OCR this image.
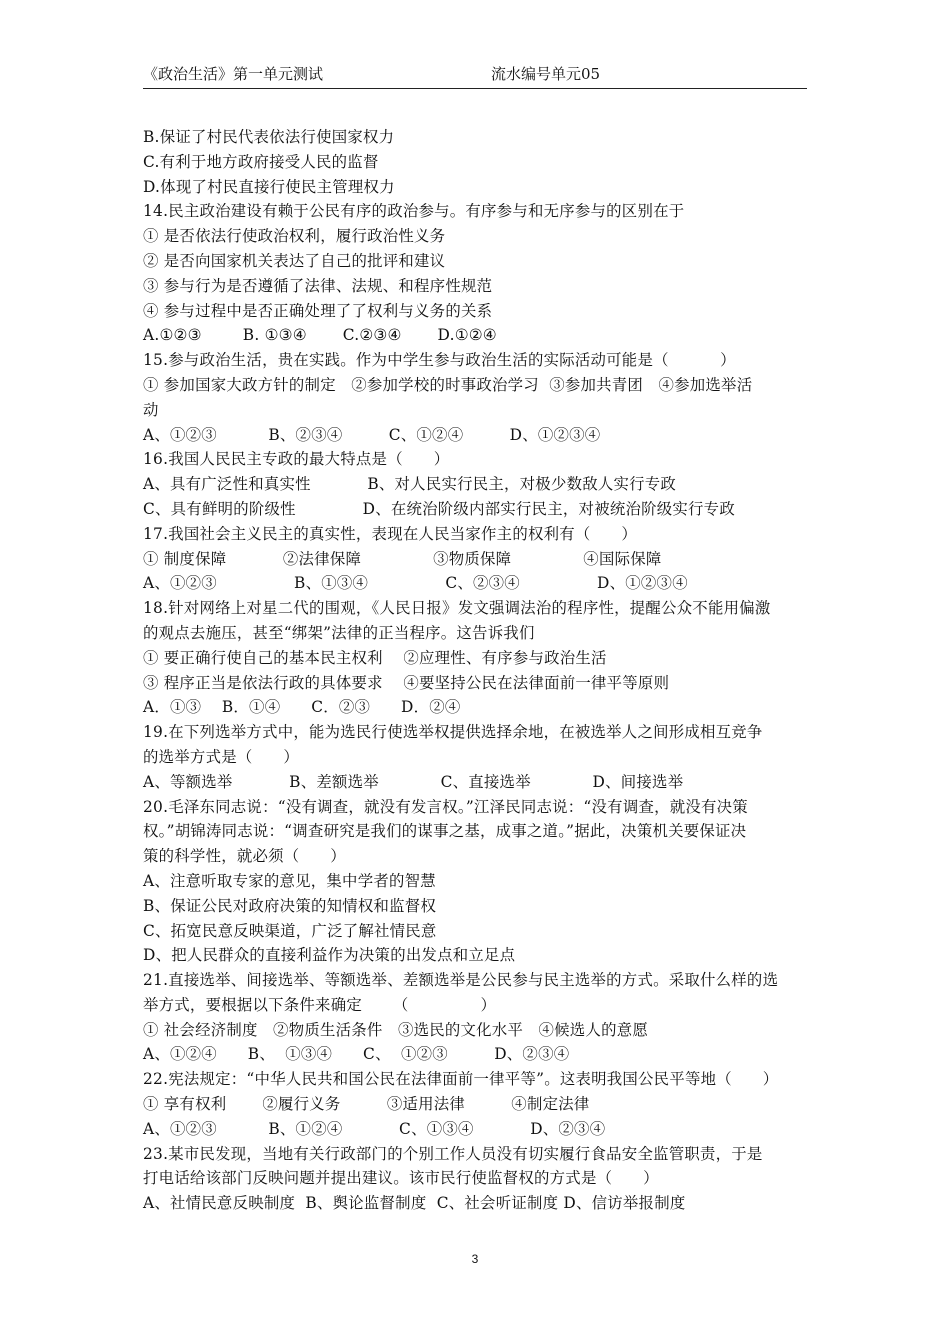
《政治生活》第一单元测试	流水编号单元05
B.保证了村民代表依法行使国家权力
C.有利于地方政府接受人民的监督
D.体现了村民直接行使民主管理权力
14.民主政治建设有赖于公民有序的政治参与。有序参与和无序参与的区别在于
① 是否依法行使政治权利，履行政治性义务
② 是否向国家机关表达了自己的批评和建议
③ 参与行为是否遵循了法律、法规、和程序性规范
④ 参与过程中是否正确处理了了权利与义务的关系
A.①②③        B. ①③④       C.②③④       D.①②④
15.参与政治生活，贵在实践。作为中学生参与政治生活的实际活动可能是（          ）
① 参加国家大政方针的制定   ②参加学校的时事政治学习  ③参加共青团   ④参加选举活
动
A、①②③          B、②③④         C、①②④         D、①②③④
16.我国人民民主专政的最大特点是（      ）
A、具有广泛性和真实性           B、对人民实行民主，对极少数敌人实行专政
C、具有鲜明的阶级性             D、在统治阶级内部实行民主，对被统治阶级实行专政
17.我国社会主义民主的真实性，表现在人民当家作主的权利有（      ）
① 制度保障           ②法律保障              ③物质保障              ④国际保障
A、①②③               B、①③④               C、②③④               D、①②③④
18.针对网络上对星二代的围观，《人民日报》发文强调法治的程序性，提醒公众不能用偏激
的观点去施压，甚至“绑架”法律的正当程序。这告诉我们
① 要正确行使自己的基本民主权利    ②应理性、有序参与政治生活
③ 程序正当是依法行政的具体要求    ④要坚持公民在法律面前一律平等原则
A．①③    B．①④      C．②③      D．②④
19.在下列选举方式中，能为选民行使选举权提供选择余地，在被选举人之间形成相互竞争
的选举方式是（      ）
A、等额选举           B、差额选举            C、直接选举            D、间接选举
20.毛泽东同志说：“没有调查，就没有发言权。”江泽民同志说：“没有调查，就没有决策
权。”胡锦涛同志说：“调查研究是我们的谋事之基，成事之道。”据此，决策机关要保证决
策的科学性，就必须（      ）
A、注意听取专家的意见，集中学者的智慧
B、保证公民对政府决策的知情权和监督权
C、拓宽民意反映渠道，广泛了解社情民意
D、把人民群众的直接利益作为决策的出发点和立足点
21.直接选举、间接选举、等额选举、差额选举是公民参与民主选举的方式。采取什么样的选
举方式，要根据以下条件来确定      （              ）
① 社会经济制度   ②物质生活条件   ③选民的文化水平   ④候选人的意愿
A、①②④      B、  ①③④      C、  ①②③         D、②③④
22.宪法规定：“中华人民共和国公民在法律面前一律平等”。这表明我国公民平等地（      ）
① 享有权利       ②履行义务         ③适用法律         ④制定法律
A、①②③          B、①②④           C、①③④           D、②③④
23.某市民发现，当地有关行政部门的个别工作人员没有切实履行食品安全监管职责，于是
打电话给该部门反映问题并提出建议。该市民行使监督权的方式是（      ）
A、社情民意反映制度  B、舆论监督制度  C、社会听证制度 D、信访举报制度
3
